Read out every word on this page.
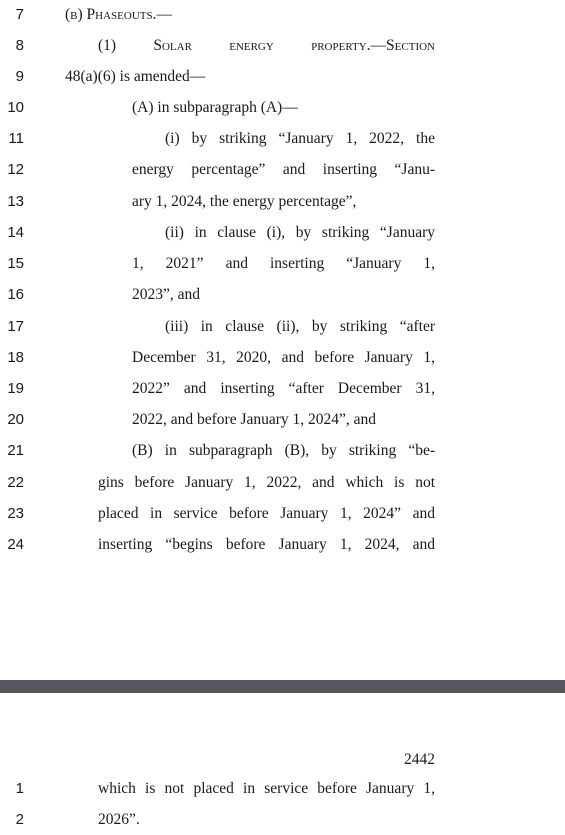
7	(b) Phaseouts.—
8	(1) Solar energy property.—Section
9	48(a)(6) is amended—
10	(A) in subparagraph (A)—
11	(i) by striking “January 1, 2022, the
12	energy percentage” and inserting “Janu-
13	ary 1, 2024, the energy percentage”,
14	(ii) in clause (i), by striking “January
15	1, 2021” and inserting “January 1,
16	2023”, and
17	(iii) in clause (ii), by striking “after
18	December 31, 2020, and before January 1,
19	2022” and inserting “after December 31,
20	2022, and before January 1, 2024”, and
21	(B) in subparagraph (B), by striking “be-
22	gins before January 1, 2022, and which is not
23	placed in service before January 1, 2024” and
24	inserting “begins before January 1, 2024, and
2442
1	which is not placed in service before January 1,
2	2026”.
